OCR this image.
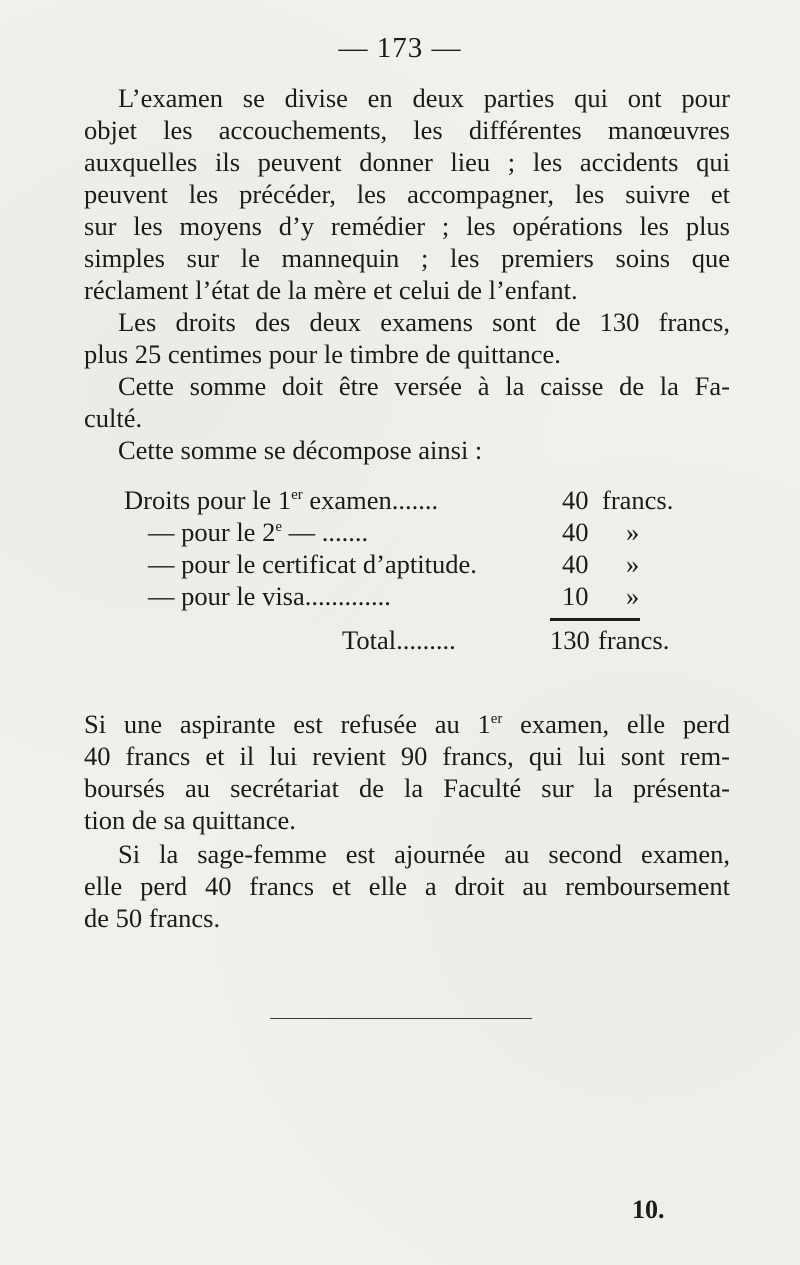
— 173 —
L’examen se divise en deux parties qui ont pour
objet les accouchements, les différentes manœuvres
auxquelles ils peuvent donner lieu ; les accidents qui
peuvent les précéder, les accompagner, les suivre et
sur les moyens d’y remédier ; les opérations les plus
simples sur le mannequin ; les premiers soins que
réclament l’état de la mère et celui de l’enfant.
Les droits des deux examens sont de 130 francs,
plus 25 centimes pour le timbre de quittance.
Cette somme doit être versée à la caisse de la Fa-
culté.
Cette somme se décompose ainsi :
Droits pour le 1er examen.......	40 francs.
— pour le 2e — .......	40 »
— pour le certificat d’aptitude.	40 »
— pour le visa.............	10 »
Total.........	130 francs.
Si une aspirante est refusée au 1er examen, elle perd
40 francs et il lui revient 90 francs, qui lui sont rem-
boursés au secrétariat de la Faculté sur la présenta-
tion de sa quittance.
Si la sage-femme est ajournée au second examen,
elle perd 40 francs et elle a droit au remboursement
de 50 francs.
10.
